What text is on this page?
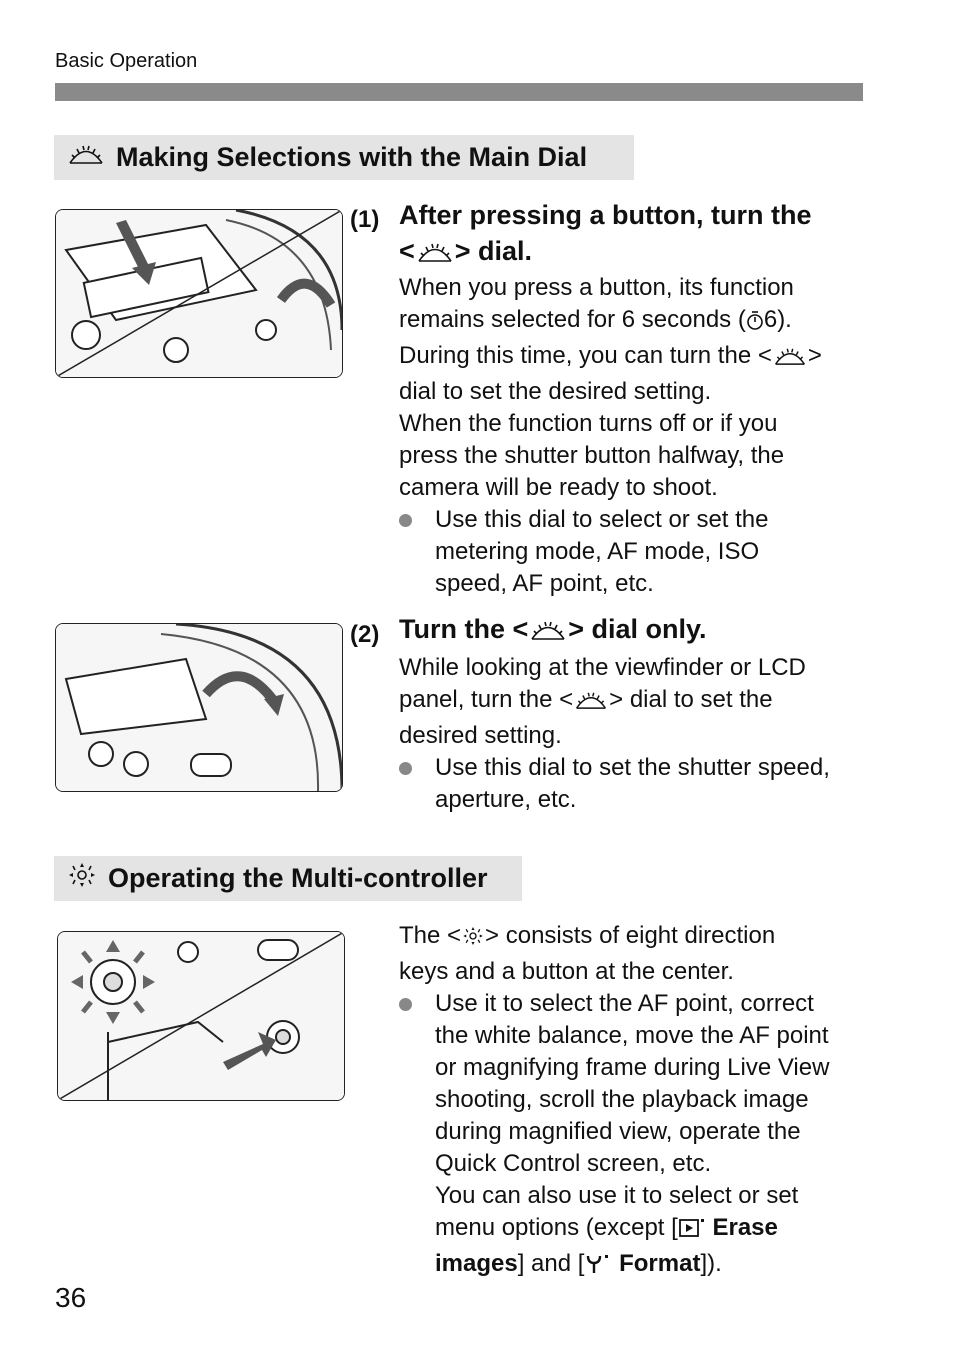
Basic Operation
Making Selections with the Main Dial
(1) After pressing a button, turn the
< > dial.
When you press a button, its function
remains selected for 6 seconds ( 6).
During this time, you can turn the < >
dial to set the desired setting.
When the function turns off or if you
press the shutter button halfway, the
camera will be ready to shoot.
Use this dial to select or set the
metering mode, AF mode, ISO
speed, AF point, etc.
(2) Turn the < > dial only.
While looking at the viewfinder or LCD
panel, turn the < > dial to set the
desired setting.
Use this dial to set the shutter speed,
aperture, etc.
Operating the Multi-controller
The < > consists of eight direction
keys and a button at the center.
Use it to select the AF point, correct
the white balance, move the AF point
or magnifying frame during Live View
shooting, scroll the playback image
during magnified view, operate the
Quick Control screen, etc.
You can also use it to select or set
menu options (except [ Erase
images] and [ Format]).
36
